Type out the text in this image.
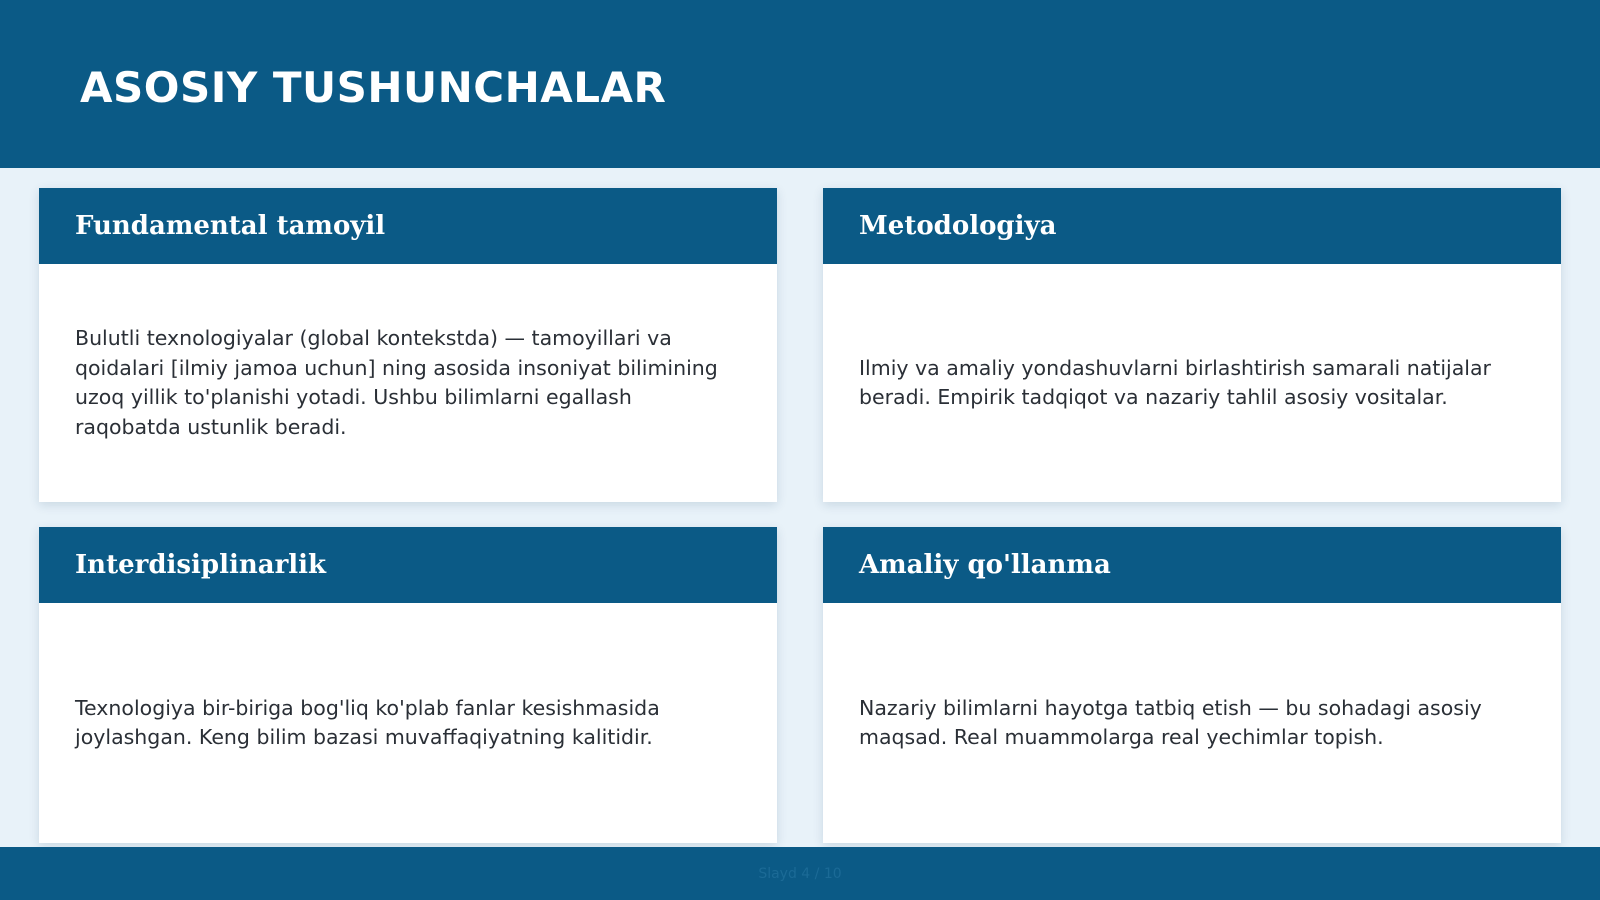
ASOSIY TUSHUNCHALAR
Fundamental tamoyil

Bulutli texnologiyalar (global kontekstda) — tamoyillari va qoidalari [ilmiy jamoa uchun] ning asosida insoniyat bilimining uzoq yillik to'planishi yotadi. Ushbu bilimlarni egallash raqobatda ustunlik beradi.

Metodologiya

Ilmiy va amaliy yondashuvlarni birlashtirish samarali natijalar beradi. Empirik tadqiqot va nazariy tahlil asosiy vositalar.

Interdisiplinarlik

Texnologiya bir-biriga bog'liq ko'plab fanlar kesishmasida joylashgan. Keng bilim bazasi muvaffaqiyatning kalitidir.

Amaliy qo'llanma

Nazariy bilimlarni hayotga tatbiq etish — bu sohadagi asosiy maqsad. Real muammolarga real yechimlar topish.

Slayd 4 / 10
